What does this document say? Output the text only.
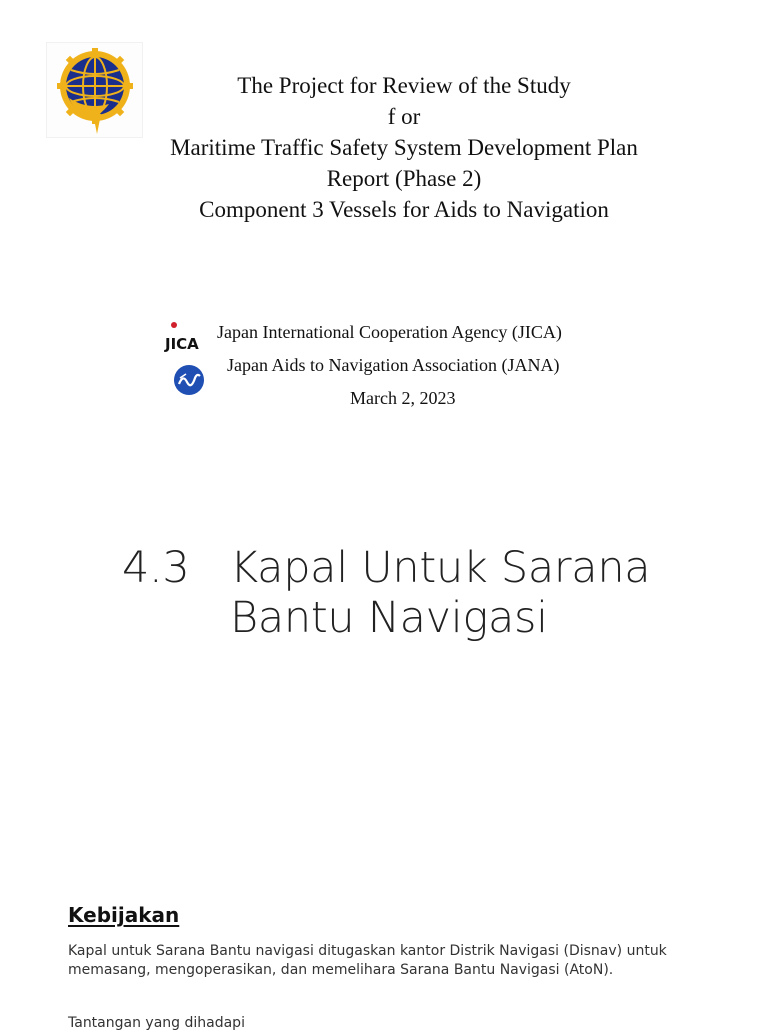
The Project for Review of the Study
f or
Maritime Traffic Safety System Development Plan
Report (Phase 2)
Component 3 Vessels for Aids to Navigation
JICA
Japan International Cooperation Agency (JICA)
Japan Aids to Navigation Association (JANA)
March 2, 2023
4.3 Kapal Untuk Sarana
Bantu Navigasi
Kebijakan
Kapal untuk Sarana Bantu navigasi ditugaskan kantor Distrik Navigasi (Disnav) untuk memasang, mengoperasikan, dan memelihara Sarana Bantu Navigasi (AtoN).
Tantangan yang dihadapi
